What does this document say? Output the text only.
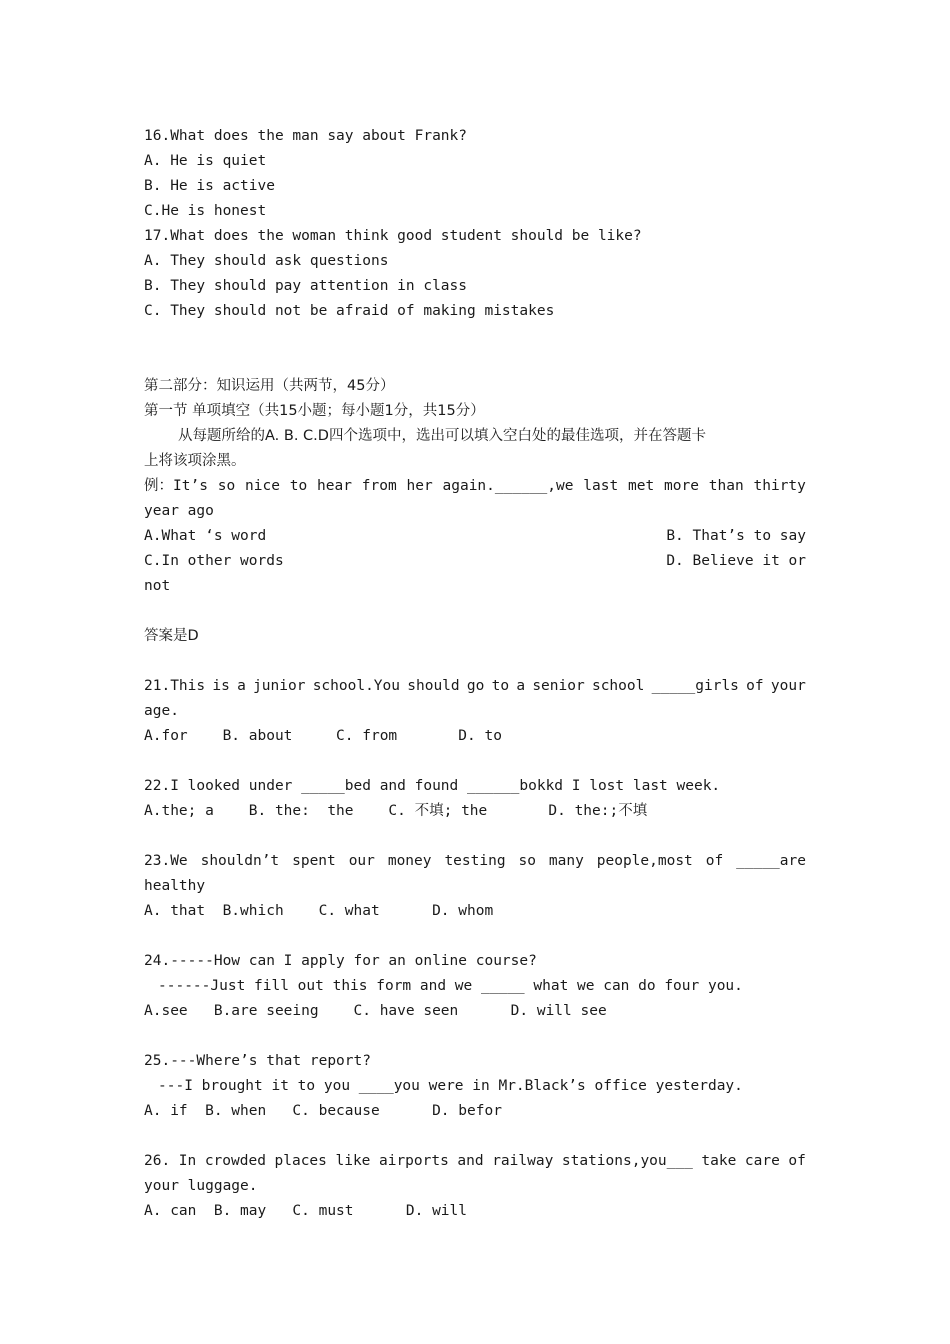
16.What does the man say about Frank?
A. He is quiet
B. He is active
C.He is honest
17.What does the woman think good student should be like?
A. They should ask questions
B. They should pay attention in class
C. They should not be afraid of making mistakes
第二部分：知识运用（共两节，45分）
第一节 单项填空（共15小题；每小题1分，共15分）
从每题所给的A. B. C.D四个选项中，选出可以填入空白处的最佳选项，并在答题卡
上将该项涂黑。
例：It’s so nice to hear from her again.______,we last met more than thirty
year ago
A.What ‘s word	B. That’s to say
C.In other words	D. Believe it or
not
答案是D
21.This is a junior school.You should go to a senior school _____girls of your
age.
A.for    B. about     C. from       D. to
22.I looked under _____bed and found ______bokkd I lost last week.
A.the; a    B. the:  the    C. 不填; the       D. the:;不填
23.We shouldn’t spent our money testing so many people,most of _____are
healthy
A. that  B.which    C. what      D. whom
24.-----How can I apply for an online course?
------Just fill out this form and we _____ what we can do four you.
A.see   B.are seeing    C. have seen      D. will see
25.---Where’s that report?
---I brought it to you ____you were in Mr.Black’s office yesterday.
A. if  B. when   C. because      D. befor
26. In crowded places like airports and railway stations,you___ take care of
your luggage.
A. can  B. may   C. must      D. will
